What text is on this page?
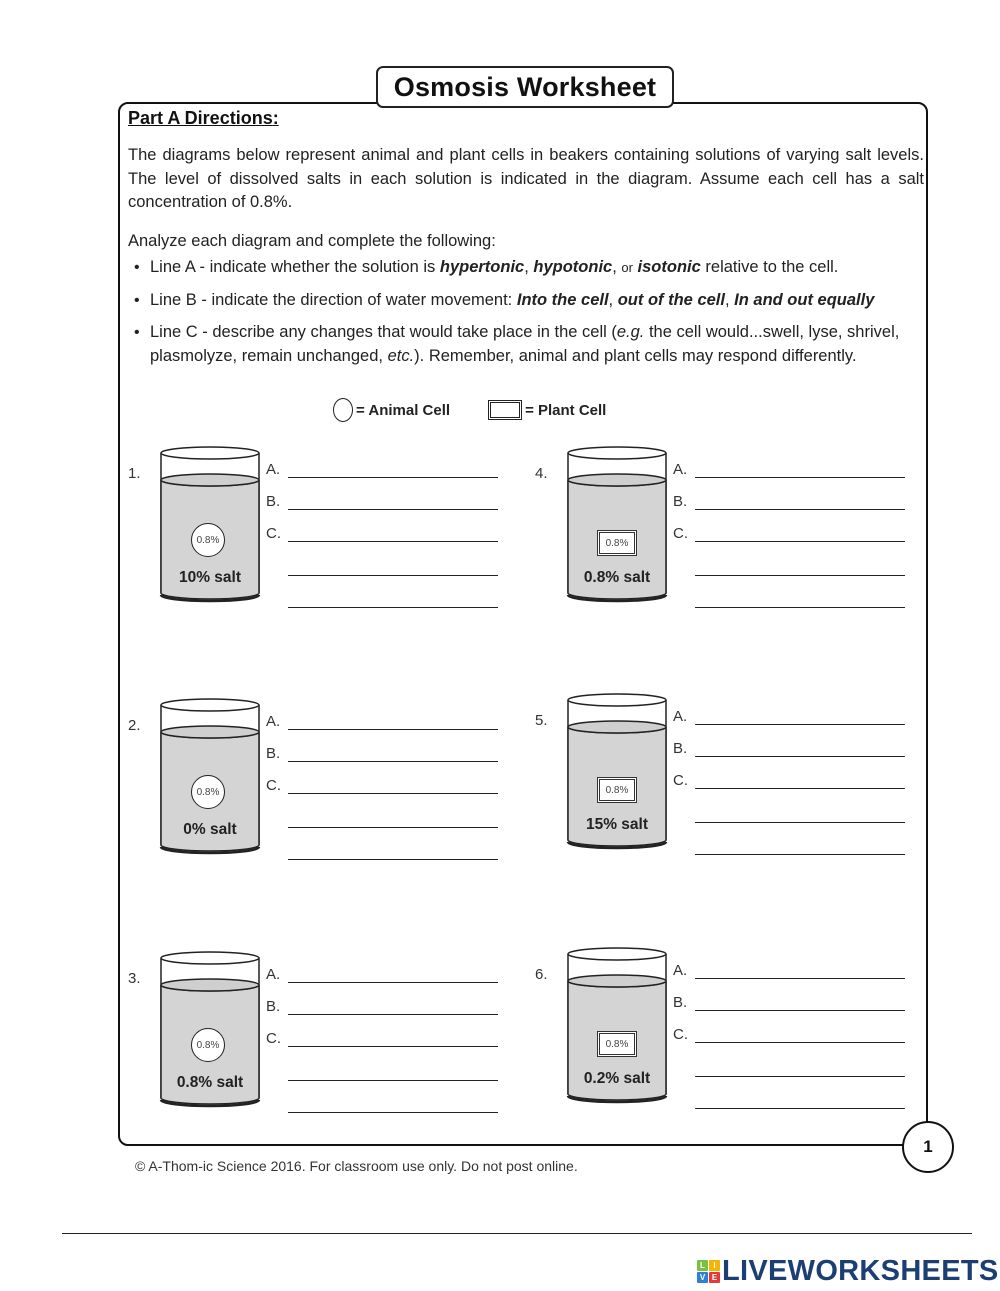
Osmosis Worksheet
Part A Directions:
The diagrams below represent animal and plant cells in beakers containing solutions of varying salt levels. The level of dissolved salts in each solution is indicated in the diagram. Assume each cell has a salt concentration of 0.8%.
Analyze each diagram and complete the following:
• Line A - indicate whether the solution is hypertonic, hypotonic, or isotonic relative to the cell.
• Line B - indicate the direction of water movement: Into the cell, out of the cell, In and out equally
• Line C - describe any changes that would take place in the cell (e.g. the cell would...swell, lyse, shrivel, plasmolyze, remain unchanged, etc.). Remember, animal and plant cells may respond differently.
= Animal Cell	= Plant Cell
1.
0.8%
10% salt
A.
B.
C.
2.
0.8%
0% salt
A.
B.
C.
3.
0.8%
0.8% salt
A.
B.
C.
4.
0.8%
0.8% salt
A.
B.
C.
5.
0.8%
15% salt
A.
B.
C.
6.
0.8%
0.2% salt
A.
B.
C.
© A-Thom-ic Science 2016. For classroom use only. Do not post online.
1
L	I
V E LIVEWORKSHEETS
